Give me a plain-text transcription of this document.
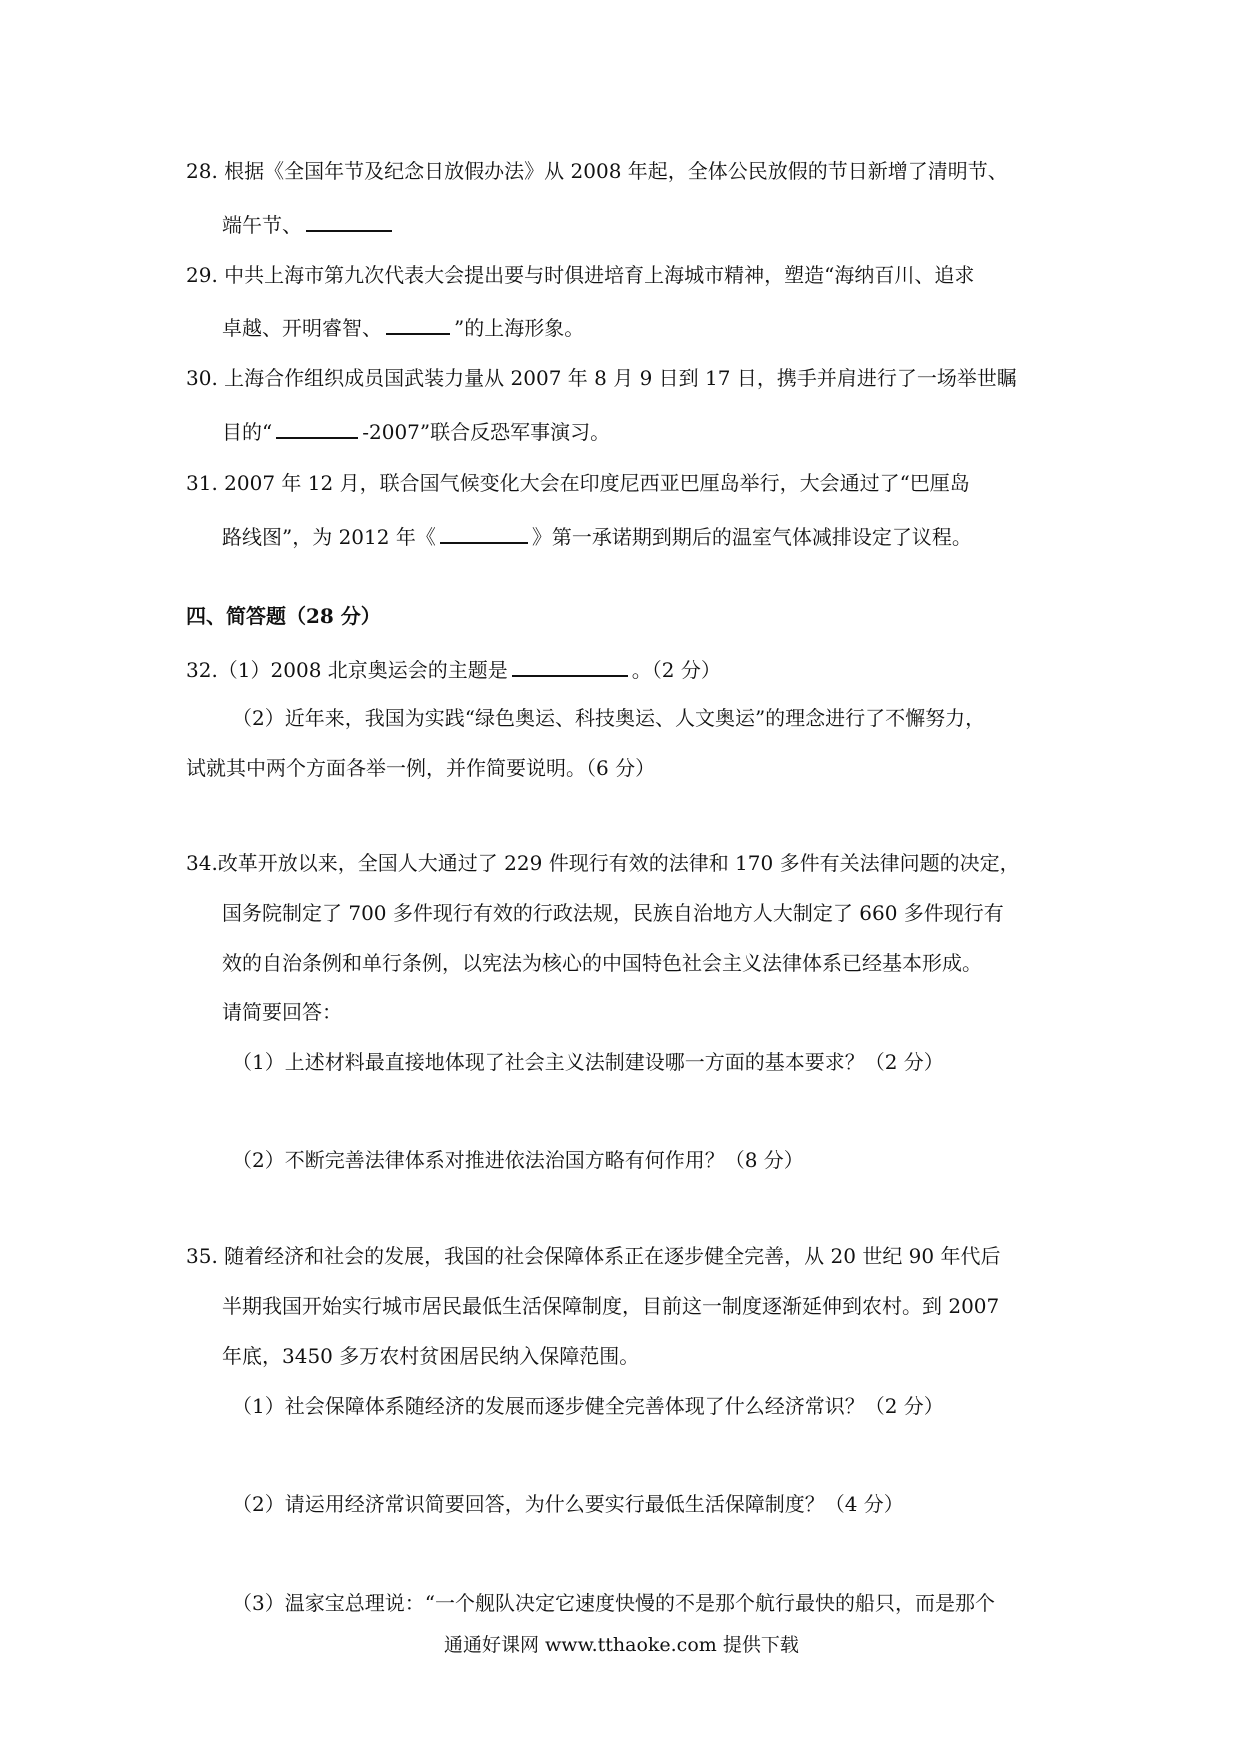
28. 根据《全国年节及纪念日放假办法》从 2008 年起，全体公民放假的节日新增了清明节、
端午节、
29. 中共上海市第九次代表大会提出要与时俱进培育上海城市精神，塑造“海纳百川、追求
卓越、开明睿智、	”的上海形象。
30. 上海合作组织成员国武装力量从 2007 年 8 月 9 日到 17 日，携手并肩进行了一场举世瞩
目的“	-2007”联合反恐军事演习。
31. 2007 年 12 月，联合国气候变化大会在印度尼西亚巴厘岛举行，大会通过了“巴厘岛
路线图”，为 2012 年《	》第一承诺期到期后的温室气体减排设定了议程。
四、简答题（28 分）
32.（1）2008 北京奥运会的主题是	。（2 分）
（2）近年来，我国为实践“绿色奥运、科技奥运、人文奥运”的理念进行了不懈努力，
试就其中两个方面各举一例，并作简要说明。（6 分）
34.改革开放以来，全国人大通过了 229 件现行有效的法律和 170 多件有关法律问题的决定，
国务院制定了 700 多件现行有效的行政法规，民族自治地方人大制定了 660 多件现行有
效的自治条例和单行条例，以宪法为核心的中国特色社会主义法律体系已经基本形成。
请简要回答：
（1）上述材料最直接地体现了社会主义法制建设哪一方面的基本要求？（2 分）
（2）不断完善法律体系对推进依法治国方略有何作用？（8 分）
35. 随着经济和社会的发展，我国的社会保障体系正在逐步健全完善，从 20 世纪 90 年代后
半期我国开始实行城市居民最低生活保障制度，目前这一制度逐渐延伸到农村。到 2007
年底，3450 多万农村贫困居民纳入保障范围。
（1）社会保障体系随经济的发展而逐步健全完善体现了什么经济常识？（2 分）
（2）请运用经济常识简要回答，为什么要实行最低生活保障制度？（4 分）
（3）温家宝总理说：“一个舰队决定它速度快慢的不是那个航行最快的船只，而是那个
通通好课网 www.tthaoke.com 提供下载
